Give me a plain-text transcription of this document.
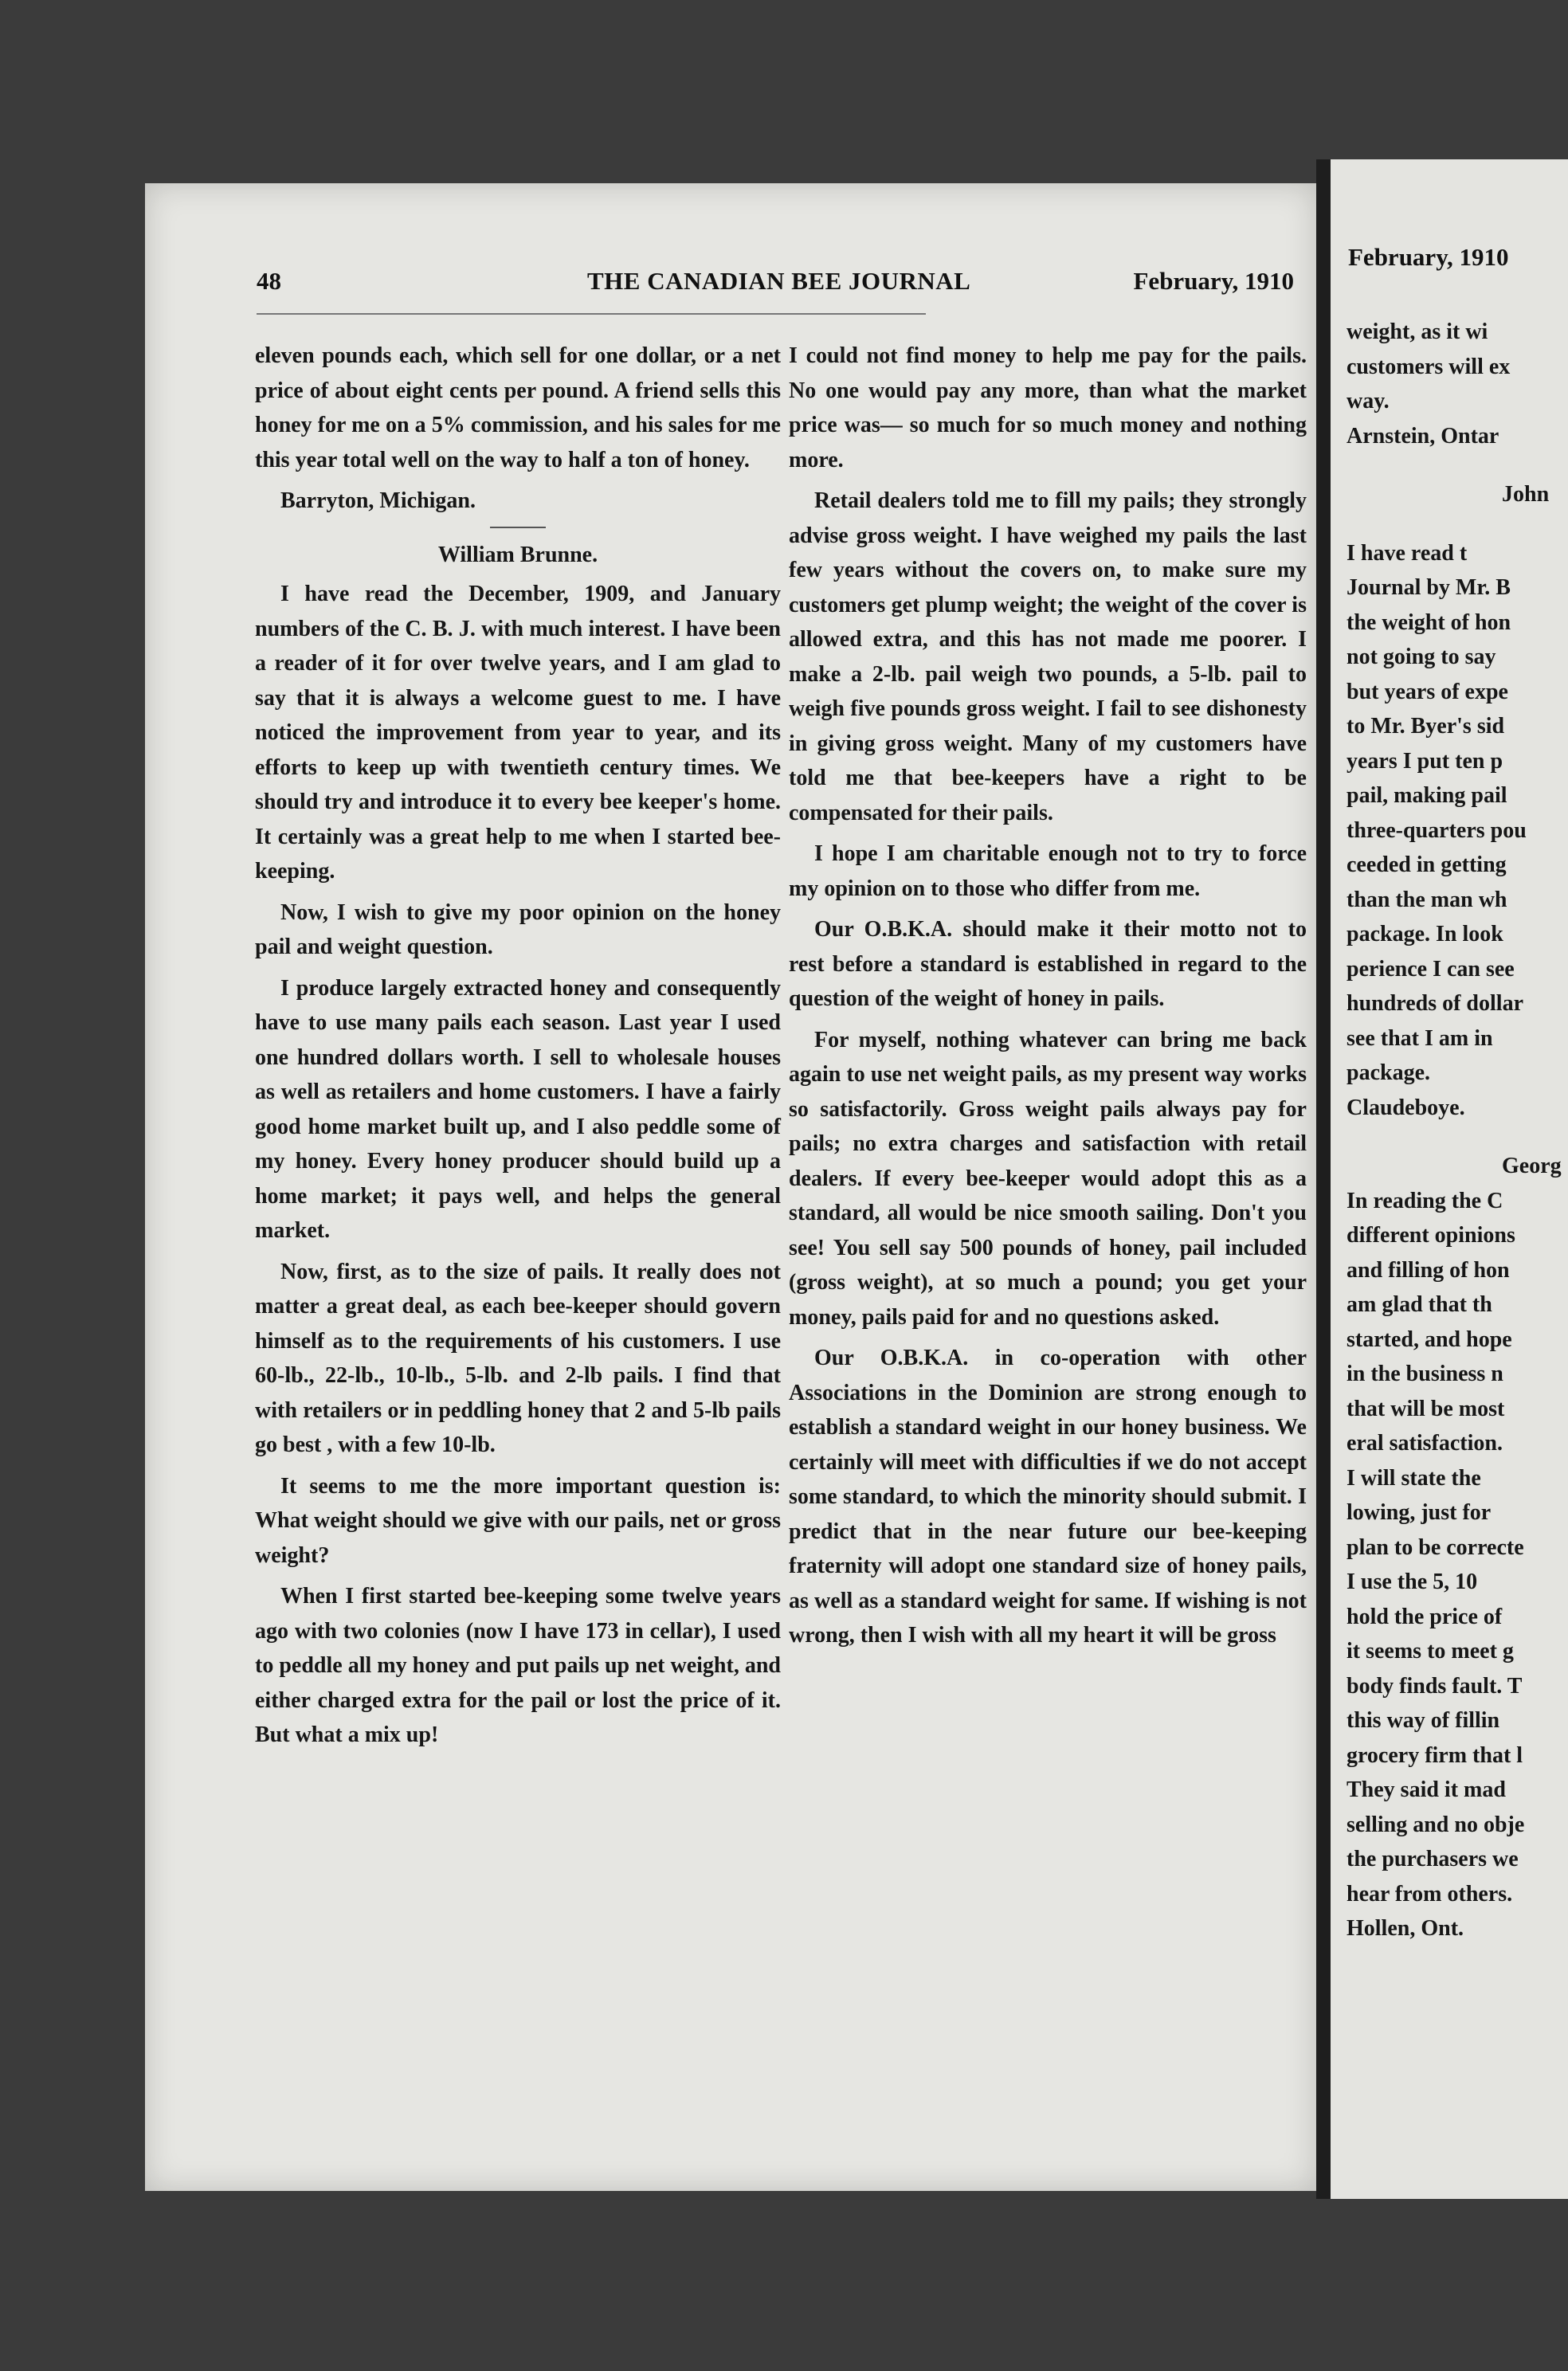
48	THE CANADIAN BEE JOURNAL	February, 1910

eleven pounds each, which sell for one dollar, or a net price of about eight cents per pound. A friend sells this honey for me on a 5% commission, and his sales for me this year total well on the way to half a ton of honey.

Barryton, Michigan.

William Brunne.

I have read the December, 1909, and January numbers of the C. B. J. with much interest. I have been a reader of it for over twelve years, and I am glad to say that it is always a welcome guest to me. I have noticed the improvement from year to year, and its efforts to keep up with twentieth century times. We should try and introduce it to every bee keeper's home. It certainly was a great help to me when I started bee-keeping.

Now, I wish to give my poor opinion on the honey pail and weight question.

I produce largely extracted honey and consequently have to use many pails each season. Last year I used one hundred dollars worth. I sell to wholesale houses as well as retailers and home customers. I have a fairly good home market built up, and I also peddle some of my honey. Every honey producer should build up a home market; it pays well, and helps the general market.

Now, first, as to the size of pails. It really does not matter a great deal, as each bee-keeper should govern himself as to the requirements of his customers. I use 60-lb., 22-lb., 10-lb., 5-lb. and 2-lb pails. I find that with retailers or in peddling honey that 2 and 5-lb pails go best , with a few 10-lb.

It seems to me the more important question is: What weight should we give with our pails, net or gross weight?

When I first started bee-keeping some twelve years ago with two colonies (now I have 173 in cellar), I used to peddle all my honey and put pails up net weight, and either charged extra for the pail or lost the price of it. But what a mix up!

I could not find money to help me pay for the pails. No one would pay any more, than what the market price was— so much for so much money and nothing more.

Retail dealers told me to fill my pails; they strongly advise gross weight. I have weighed my pails the last few years without the covers on, to make sure my customers get plump weight; the weight of the cover is allowed extra, and this has not made me poorer. I make a 2-lb. pail weigh two pounds, a 5-lb. pail to weigh five pounds gross weight. I fail to see dishonesty in giving gross weight. Many of my customers have told me that bee-keepers have a right to be compensated for their pails.

I hope I am charitable enough not to try to force my opinion on to those who differ from me.

Our O.B.K.A. should make it their motto not to rest before a standard is established in regard to the question of the weight of honey in pails.

For myself, nothing whatever can bring me back again to use net weight pails, as my present way works so satisfactorily. Gross weight pails always pay for pails; no extra charges and satisfaction with retail dealers. If every bee-keeper would adopt this as a standard, all would be nice smooth sailing. Don't you see! You sell say 500 pounds of honey, pail included (gross weight), at so much a pound; you get your money, pails paid for and no questions asked.

Our O.B.K.A. in co-operation with other Associations in the Dominion are strong enough to establish a standard weight in our honey business. We certainly will meet with difficulties if we do not accept some standard, to which the minority should submit. I predict that in the near future our bee-keeping fraternity will adopt one standard size of honey pails, as well as a standard weight for same. If wishing is not wrong, then I wish with all my heart it will be gross

February, 1910
weight, as it wi
customers will ex
way.
Arnstein, Ontar
John
I have read t
Journal by Mr. B
the weight of hon
not going to say
but years of expe
to Mr. Byer's sid
years I put ten p
pail, making pail
three-quarters pou
ceeded in getting
than the man wh
package. In look
perience I can see
hundreds of dollar
see that I am in
package.
Claudeboye.
Georg
In reading the C
different opinions
and filling of hon
am glad that th
started, and hope
in the business n
that will be most
eral satisfaction.
I will state the
lowing, just for
plan to be correcte
I use the 5, 10
hold the price of
it seems to meet g
body finds fault. T
this way of fillin
grocery firm that l
They said it mad
selling and no obje
the purchasers we
hear from others.
Hollen, Ont.
